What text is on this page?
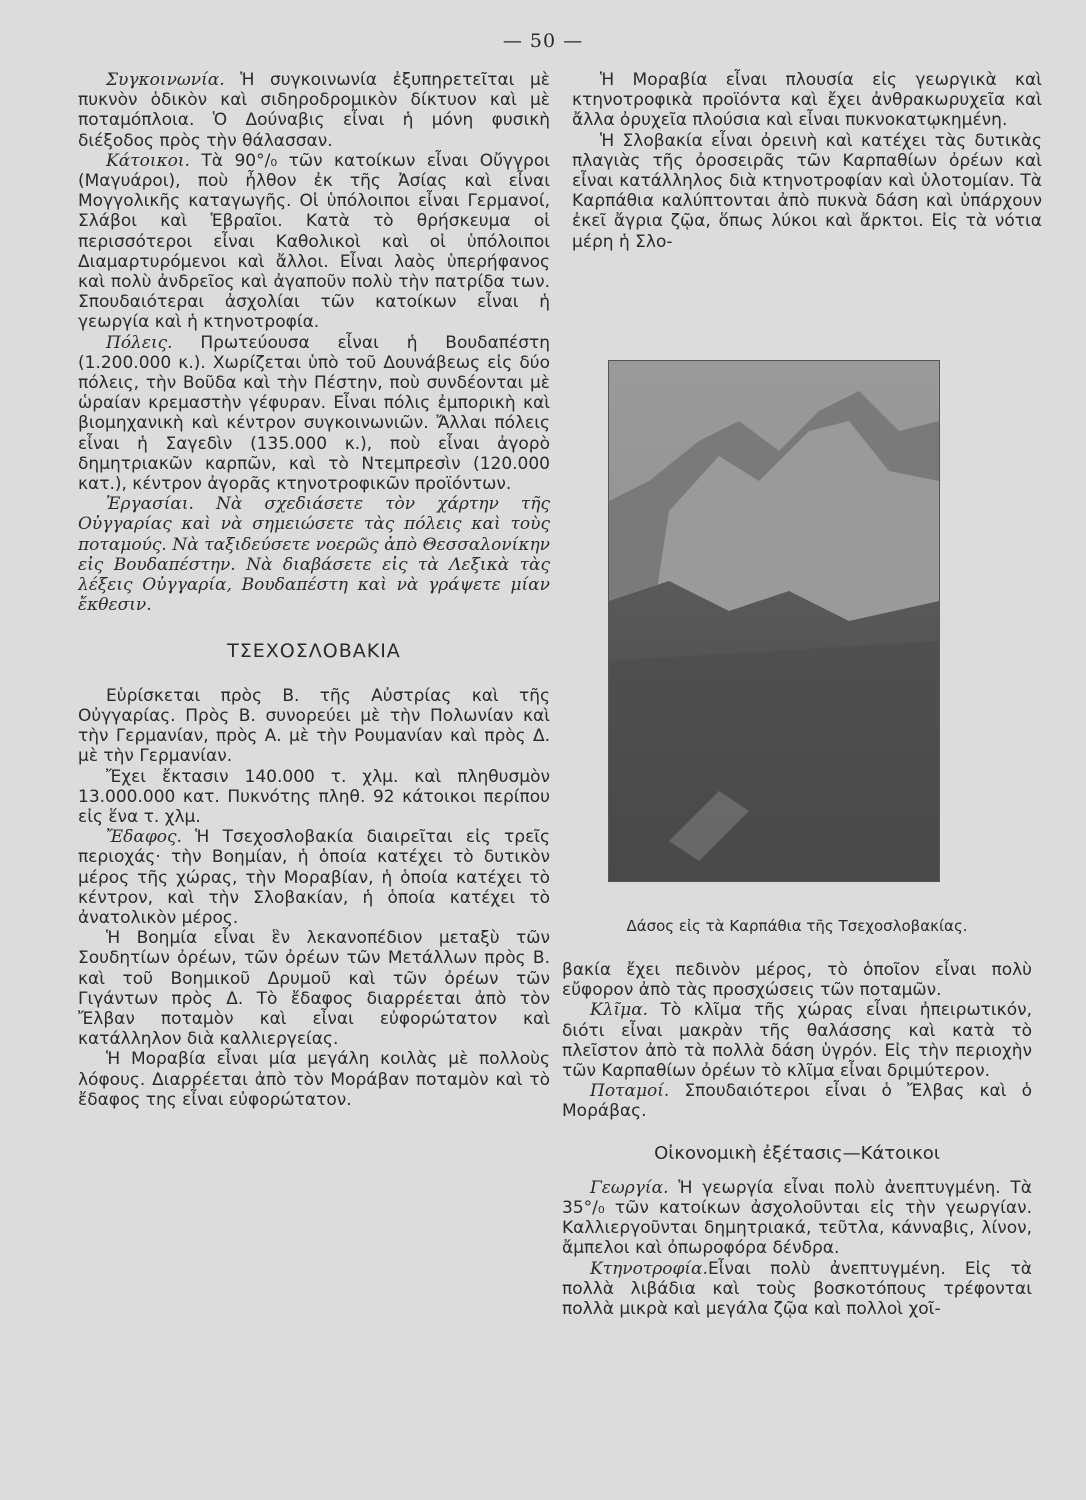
— 50 —

Συγκοινωνία. Ἡ συγκοινωνία ἐξυπηρετεῖται μὲ πυκνὸν ὁδικὸν καὶ σιδηροδρομικὸν δίκτυον καὶ μὲ ποταμόπλοια. Ὁ Δούναβις εἶναι ἡ μόνη φυσικὴ διέξοδος πρὸς τὴν θάλασσαν.

Κάτοικοι. Τὰ 90°/₀ τῶν κατοίκων εἶναι Οὔγγροι (Μαγυάροι), ποὺ ἦλθον ἐκ τῆς Ἀσίας καὶ εἶναι Μογγολικῆς καταγωγῆς. Οἱ ὑπόλοιποι εἶναι Γερμανοί, Σλάβοι καὶ Ἑβραῖοι. Κατὰ τὸ θρήσκευμα οἱ περισσότεροι εἶναι Καθολικοὶ καὶ οἱ ὑπόλοιποι Διαμαρτυρόμενοι καὶ ἄλλοι. Εἶναι λαὸς ὑπερήφανος καὶ πολὺ ἀνδρεῖος καὶ ἀγαποῦν πολὺ τὴν πατρίδα των. Σπουδαιότεραι ἀσχολίαι τῶν κατοίκων εἶναι ἡ γεωργία καὶ ἡ κτηνοτροφία.

Πόλεις. Πρωτεύουσα εἶναι ἡ Βουδαπέστη (1.200.000 κ.). Χωρίζεται ὑπὸ τοῦ Δουνάβεως εἰς δύο πόλεις, τὴν Βοῦδα καὶ τὴν Πέστην, ποὺ συνδέονται μὲ ὡραίαν κρεμαστὴν γέφυραν. Εἶναι πόλις ἐμπορικὴ καὶ βιομηχανικὴ καὶ κέντρον συγκοινωνιῶν. Ἄλλαι πόλεις εἶναι ἡ Σαγεδὶν (135.000 κ.), ποὺ εἶναι ἀγορὸ δημητριακῶν καρπῶν, καὶ τὸ Ντεμπρεσὶν (120.000 κατ.), κέντρον ἀγορᾶς κτηνοτροφικῶν προϊόντων.

Ἐργασίαι. Νὰ σχεδιάσετε τὸν χάρτην τῆς Οὐγγαρίας καὶ νὰ σημειώσετε τὰς πόλεις καὶ τοὺς ποταμούς. Νὰ ταξιδεύσετε νοερῶς ἀπὸ Θεσσαλονίκην εἰς Βουδαπέστην. Νὰ διαβάσετε εἰς τὰ Λεξικὰ τὰς λέξεις Οὐγγαρία, Βουδαπέστη καὶ νὰ γράψετε μίαν ἔκθεσιν.

ΤΣΕΧΟΣΛΟΒΑΚΙΑ

Εὑρίσκεται πρὸς Β. τῆς Αὐστρίας καὶ τῆς Οὐγγαρίας. Πρὸς Β. συνορεύει μὲ τὴν Πολωνίαν καὶ τὴν Γερμανίαν, πρὸς Α. μὲ τὴν Ρουμανίαν καὶ πρὸς Δ. μὲ τὴν Γερμανίαν.

Ἔχει ἔκτασιν 140.000 τ. χλμ. καὶ πληθυσμὸν 13.000.000 κατ. Πυκνότης πληθ. 92 κάτοικοι περίπου εἰς ἕνα τ. χλμ.

Ἔδαφος. Ἡ Τσεχοσλοβακία διαιρεῖται εἰς τρεῖς περιοχάς· τὴν Βοημίαν, ἡ ὁποία κατέχει τὸ δυτικὸν μέρος τῆς χώρας, τὴν Μοραβίαν, ἡ ὁποία κατέχει τὸ κέντρον, καὶ τὴν Σλοβακίαν, ἡ ὁποία κατέχει τὸ ἀνατολικὸν μέρος.

Ἡ Βοημία εἶναι ἓν λεκανοπέδιον μεταξὺ τῶν Σουδητίων ὀρέων, τῶν ὀρέων τῶν Μετάλλων πρὸς Β. καὶ τοῦ Βοημικοῦ Δρυμοῦ καὶ τῶν ὀρέων τῶν Γιγάντων πρὸς Δ. Τὸ ἔδαφος διαρρέεται ἀπὸ τὸν Ἔλβαν ποταμὸν καὶ εἶναι εὐφορώτατον καὶ κατάλληλον διὰ καλλιεργείας.

Ἡ Μοραβία εἶναι μία μεγάλη κοιλὰς μὲ πολλοὺς λόφους. Διαρρέεται ἀπὸ τὸν Μοράβαν ποταμὸν καὶ τὸ ἔδαφος της εἶναι εὐφορώτατον.

Ἡ Μοραβία εἶναι πλουσία εἰς γεωργικὰ καὶ κτηνοτροφικὰ προϊόντα καὶ ἔχει ἀνθρακωρυχεῖα καὶ ἄλλα ὀρυχεῖα πλούσια καὶ εἶναι πυκνοκατῳκημένη.

Ἡ Σλοβακία εἶναι ὀρεινὴ καὶ κατέχει τὰς δυτικὰς πλαγιὰς τῆς ὀροσειρᾶς τῶν Καρπαθίων ὀρέων καὶ εἶναι κατάλληλος διὰ κτηνοτροφίαν καὶ ὑλοτομίαν. Τὰ Καρπάθια καλύπτονται ἀπὸ πυκνὰ δάση καὶ ὑπάρχουν ἐκεῖ ἄγρια ζῷα, ὅπως λύκοι καὶ ἄρκτοι. Εἰς τὰ νότια μέρη ἡ Σλο-

Δάσος εἰς τὰ Καρπάθια τῆς Τσεχοσλοβακίας.

βακία ἔχει πεδινὸν μέρος, τὸ ὁποῖον εἶναι πολὺ εὔφορον ἀπὸ τὰς προσχώσεις τῶν ποταμῶν.

Κλῖμα. Τὸ κλῖμα τῆς χώρας εἶναι ἠπειρωτικόν, διότι εἶναι μακρὰν τῆς θαλάσσης καὶ κατὰ τὸ πλεῖστον ἀπὸ τὰ πολλὰ δάση ὑγρόν. Εἰς τὴν περιοχὴν τῶν Καρπαθίων ὀρέων τὸ κλῖμα εἶναι δριμύτερον.

Ποταμοί. Σπουδαιότεροι εἶναι ὁ Ἔλβας καὶ ὁ Μοράβας.

Οἰκονομικὴ ἐξέτασις—Κάτοικοι

Γεωργία. Ἡ γεωργία εἶναι πολὺ ἀνεπτυγμένη. Τὰ 35°/₀ τῶν κατοίκων ἀσχολοῦνται εἰς τὴν γεωργίαν. Καλλιεργοῦνται δημητριακά, τεῦτλα, κάνναβις, λίνον, ἄμπελοι καὶ ὀπωροφόρα δένδρα.

Κτηνοτροφία.Εἶναι πολὺ ἀνεπτυγμένη. Εἰς τὰ πολλὰ λιβάδια καὶ τοὺς βοσκοτόπους τρέφονται πολλὰ μικρὰ καὶ μεγάλα ζῷα καὶ πολλοὶ χοῖ-
